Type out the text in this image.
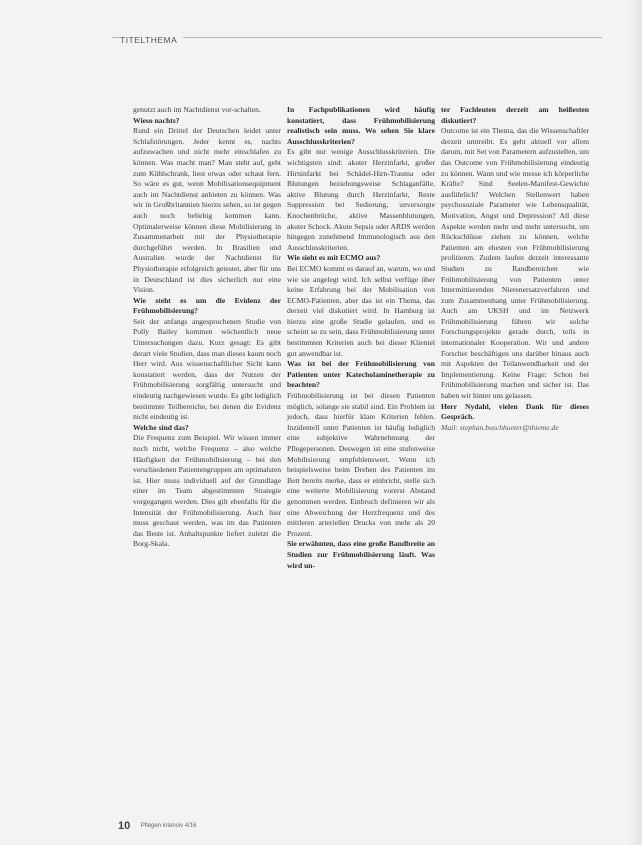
TITELTHEMA

genutzt auch im Nachtdienst vor-schalten.

Wieso nachts?

Rund ein Drittel der Deutschen leidet unter Schlafstörungen. Jeder kennt es, nachts aufzuwachen und nicht mehr einschlafen zu können. Was macht man? Man steht auf, geht zum Kühlschrank, liest etwas oder schaut fern. So wäre es gut, wenn Mobilisationsequipment auch im Nachtdienst anbieten zu können. Was wir in Großbritannien hierzu sehen, so ist gegen auch noch beliebig kommen kann. Optimalerweise können diese Mobilisierung in Zusammenarbeit mit der Physiotherapie durchgeführt werden. In Brasilien und Australien wurde der Nachtdienst für Physiotherapie erfolgreich getestet, aber für uns in Deutschland ist dies sicherlich nur eine Vision.

Wie steht es um die Evidenz der Frühmobilisierung?

Seit der anfangs angesprochenen Studie von Polly Bailey kommen wöchentlich neue Untersuchungen dazu. Kurz gesagt: Es gibt derart viele Studien, dass man dieses kaum noch Herr wird. Aus wissenschaftlicher Sicht kann konstatiert werden, dass der Nutzen der Frühmobilisierung sorgfältig untersucht und eindeutig nachgewiesen wurde. Es gibt lediglich bestimmte Teilbereiche, bei denen die Evidenz nicht eindeutig ist.

Welche sind das?

Die Frequenz zum Beispiel. Wir wissen immer noch nicht, welche Frequenz – also welche Häufigkeit der Frühmobilisierung – bei den verschiedenen Patientengruppen am optimalsten ist. Hier muss individuell auf der Grundlage einer im Team abgestimmten Strategie vorgegangen werden. Dies gilt ebenfalls für die Intensität der Frühmobilisierung. Auch hier muss geschaut werden, was im das Patienten das Beste ist. Anhaltspunkte liefert zuletzt die Borg-Skala.

In Fachpublikationen wird häufig konstatiert, dass Frühmobilisierung realistisch sein muss. Wo sehen Sie klare Ausschlusskriterien?

Es gibt nur wenige Ausschlusskriterien. Die wichtigsten sind: akuter Herzinfarkt, großer Hirninfarkt bei Schädel-Hirn-Trauma oder Blutungen beziehungsweise Schlaganfälle, aktive Blutung durch Herzinfarkt, Reste Suppression bei Sedierung, unversorgte Knochenbrüche, aktive Massenblutungen, akuter Schock. Akute Sepsis oder ARDS werden hingegen zunehmend Immunologisch aus den Ausschlusskriterien.

Wie sieht es mit ECMO aus?

Bei ECMO kommt es darauf an, warum, wo und wie sie angelegt wird. Ich selbst verfüge über keine Erfahrung bei der Mobilisation von ECMO-Patienten, aber das ist ein Thema, das derzeit viel diskutiert wird. In Hamburg ist hierzu eine große Studie gelaufen, und es scheint so zu sein, dass Frühmobilisierung unter bestimmten Kriterien auch bei dieser Klientel gut anwendbar ist.

Was ist bei der Frühmobilisierung von Patienten unter Katecholaminetherapie zu beachten?

Frühmobilisierung ist bei diesen Patienten möglich, solange sie stabil sind. Ein Problem ist jedoch, dass hierfür klare Kriterien fehlen. Inzidentell unter Patienten ist häufig lediglich eine subjektive Wahrnehmung der Pflegepersonen. Deswegen ist eine stufenweise Mobilisierung empfehlenswert. Wenn ich beispielsweise beim Drehen des Patienten im Bett bereits merke, dass er einbricht, stelle sich eine weiterte Mobilisierung vorerst Abstand genommen werden. Einbruch definieren wir als eine Abweichung der Herzfrequenz und des mittleren arteriellen Drucks von mehr als 20 Prozent.

Sie erwähnten, dass eine große Bandbreite an Studien zur Frühmobilisierung läuft. Was wird un-

ter Fachleuten derzeit am heißesten diskutiert?

Outcome ist ein Thema, das die Wissenschaftler derzeit umtreibt. Es geht aktuell vor allem darum, mit Set von Parametern aufzustellen, um das Outcome von Frühmobilisierung eindeutig zu können. Wann und wie messe ich körperliche Kräfte? Sind Seelen-Manifest-Gewichte ausführlich? Welchen Stellenwert haben psychosoziale Parameter wie Lebensqualität, Motivation, Angst und Depression? All diese Aspekte werden mehr und mehr untersucht, um Rückschlüsse ziehen zu können, welche Patienten am ehesten von Frühmobilisierung profitieren. Zudem laufen derzeit interessante Studien zu Randbereichen wie Frühmobilisierung von Patienten unter Intermittierenden Nierenersatzverfahren und zum Zusammenhang unter Frühmobilisierung. Auch am UKSH und im Netzwerk Frühmobilisierung führen wir solche Forschungsprojekte gerade durch, teils in internationaler Kooperation. Wir und andere Forscher beschäftigen uns darüber hinaus auch mit Aspekten der Teilanwendbarkeit und der Implementierung. Keine Frage: Schon bei Frühmobilisierung machen und sicher ist. Das haben wir hinter uns gelassen.

Herr Nydahl, vielen Dank für dieses Gespräch.

Mail: stephan.buschhueter@thieme.de

10 Pflegen intensiv 4/16
